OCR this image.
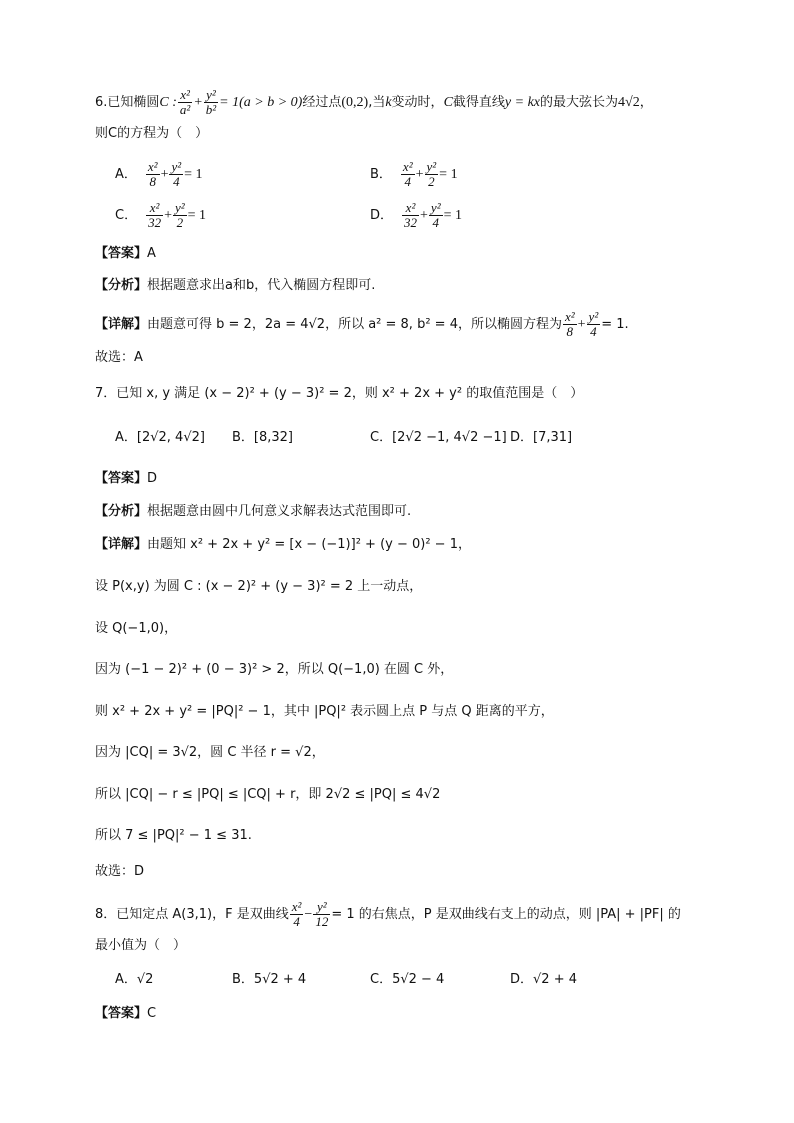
6.已知椭圆C : $\frac{\text{x²}}{\text{a²}} + \frac{\text{y²}}{\text{b²}} = 1(a > b > 0)$经过点(0,2),当k变动时，C截得直线y = kx的最大弦长为4√2，
则C的方程为（　）
A． $\frac{\text{x²}}{8} + \frac{\text{y²}}{4} = 1$	B． $\frac{\text{x²}}{4} + \frac{\text{y²}}{2} = 1$
C． $\frac{\text{x²}}{32} + \frac{\text{y²}}{2} = 1$	D． $\frac{\text{x²}}{32} + \frac{\text{y²}}{4} = 1$
【答案】A
【分析】根据题意求出a和b，代入椭圆方程即可.
【详解】由题意可得 b = 2，2a = 4√2，所以 a² = 8, b² = 4，所以椭圆方程为 $\frac{\text{x²}}{8} + \frac{\text{y²}}{4} = 1$.
故选：A
7．已知 x, y 满足 (x − 2)² + (y − 3)² = 2，则 x² + 2x + y² 的取值范围是（　）
A．[2√2, 4√2] B．[8,32]	C．[2√2 −1, 4√2 −1] D．[7,31]
【答案】D
【分析】根据题意由圆中几何意义求解表达式范围即可.
【详解】由题知 x² + 2x + y² = [x − (−1)]² + (y − 0)² − 1，
设 P(x,y) 为圆 C : (x − 2)² + (y − 3)² = 2 上一动点，
设 Q(−1,0)，
因为 (−1 − 2)² + (0 − 3)² > 2，所以 Q(−1,0) 在圆 C 外，
则 x² + 2x + y² = |PQ|² − 1，其中 |PQ|² 表示圆上点 P 与点 Q 距离的平方，
因为 |CQ| = 3√2，圆 C 半径 r = √2，
所以 |CQ| − r ≤ |PQ| ≤ |CQ| + r，即 2√2 ≤ |PQ| ≤ 4√2
所以 7 ≤ |PQ|² − 1 ≤ 31.
故选：D
8．已知定点 A(3,1)，F 是双曲线 $\frac{\text{x²}}{4} - \frac{\text{y²}}{12} = 1$ 的右焦点，P 是双曲线右支上的动点，则 |PA| + |PF| 的
最小值为（　）
A．√2	B．5√2 + 4	C．5√2 − 4	D．√2 + 4
【答案】C
